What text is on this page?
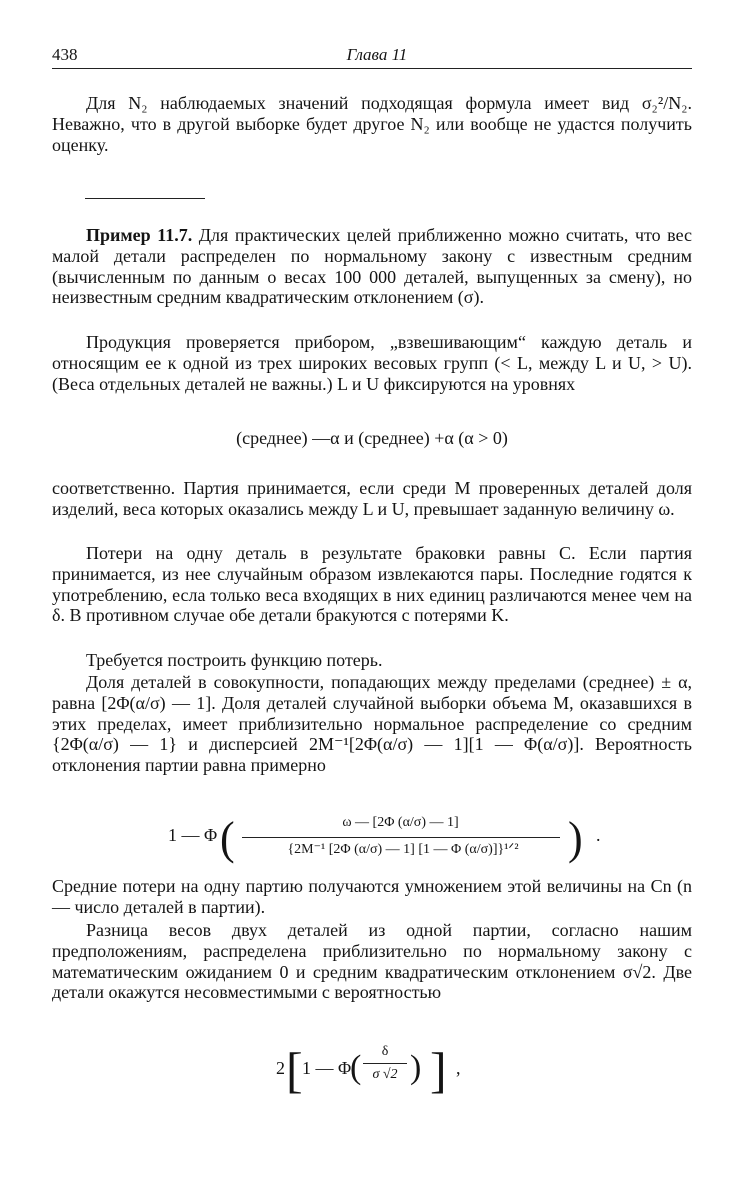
438	Глава 11

Для N₂ наблюдаемых значений подходящая формула имеет вид σ₂²/N₂. Неважно, что в другой выборке будет другое N₂ или вообще не удастся получить оценку.

Пример 11.7. Для практических целей приближенно можно считать, что вес малой детали распределен по нормальному закону с известным средним (вычисленным по данным о весах 100 000 деталей, выпущенных за смену), но неизвестным средним квадратическим отклонением (σ).

Продукция проверяется прибором, „взвешивающим“ каждую деталь и относящим ее к одной из трех широких весовых групп (< L, между L и U, > U). (Веса отдельных деталей не важны.) L и U фиксируются на уровнях

(среднее) —α и (среднее) +α (α > 0)

соответственно. Партия принимается, если среди M проверенных деталей доля изделий, веса которых оказались между L и U, превышает заданную величину ω.

Потери на одну деталь в результате браковки равны C. Если партия принимается, из нее случайным образом извлекаются пары. Последние годятся к употреблению, есла только веса входящих в них единиц различаются менее чем на δ. В противном случае обе детали бракуются с потерями K.

Требуется построить функцию потерь.

Доля деталей в совокупности, попадающих между пределами (среднее) ± α, равна [2Φ(α/σ) — 1]. Доля деталей случайной выборки объема M, оказавшихся в этих пределах, имеет приблизительно нормальное распределение со средним {2Φ(α/σ) — 1} и дисперсией 2M⁻¹[2Φ(α/σ) — 1][1 — Φ(α/σ)]. Вероятность отклонения партии равна примерно

1 — Φ (	ω — [2Φ (α/σ) — 1]
{2M⁻¹ [2Φ (α/σ) — 1] [1 — Φ (α/σ)]}¹ᐟ²	) .

Средние потери на одну партию получаются умножением этой величины на Cn (n — число деталей в партии).

Разница весов двух деталей из одной партии, согласно нашим предположениям, распределена приблизительно по нормальному закону с математическим ожиданием 0 и средним квадратическим отклонением σ√2. Две детали окажутся несовместимыми с вероятностью

2 [ 1 — Φ
(	δ
σ √2 ) ] ,
